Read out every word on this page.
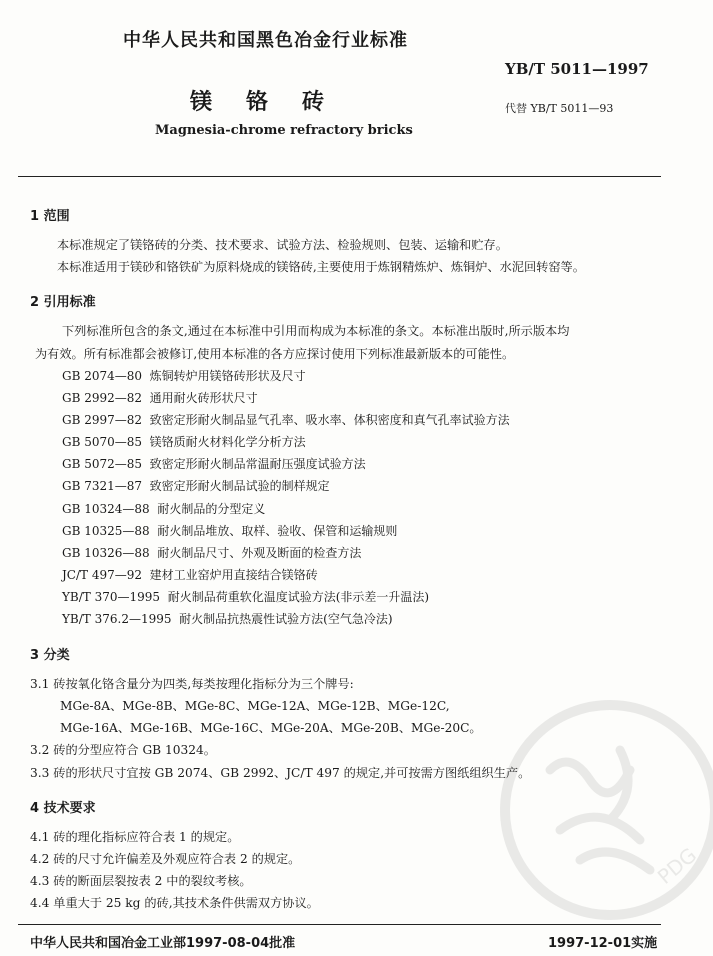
中华人民共和国黑色冶金行业标准
YB/T 5011—1997
镁铬砖	代替 YB/T 5011—93
Magnesia-chrome refractory bricks
1 范围
本标准规定了镁铬砖的分类、技术要求、试验方法、检验规则、包装、运输和贮存。
本标准适用于镁砂和铬铁矿为原料烧成的镁铬砖,主要使用于炼钢精炼炉、炼铜炉、水泥回转窑等。
2 引用标准
下列标准所包含的条文,通过在本标准中引用而构成为本标准的条文。本标准出版时,所示版本均
为有效。所有标准都会被修订,使用本标准的各方应探讨使用下列标准最新版本的可能性。
GB 2074—80 炼铜转炉用镁铬砖形状及尺寸
GB 2992—82 通用耐火砖形状尺寸
GB 2997—82 致密定形耐火制品显气孔率、吸水率、体积密度和真气孔率试验方法
GB 5070—85 镁铬质耐火材料化学分析方法
GB 5072—85 致密定形耐火制品常温耐压强度试验方法
GB 7321—87 致密定形耐火制品试验的制样规定
GB 10324—88 耐火制品的分型定义
GB 10325—88 耐火制品堆放、取样、验收、保管和运输规则
GB 10326—88 耐火制品尺寸、外观及断面的检查方法
JC/T 497—92 建材工业窑炉用直接结合镁铬砖
YB/T 370—1995 耐火制品荷重软化温度试验方法(非示差一升温法)
YB/T 376.2—1995 耐火制品抗热震性试验方法(空气急冷法)
3 分类
3.1 砖按氧化铬含量分为四类,每类按理化指标分为三个牌号:
MGe-8A、MGe-8B、MGe-8C、MGe-12A、MGe-12B、MGe-12C,
MGe-16A、MGe-16B、MGe-16C、MGe-20A、MGe-20B、MGe-20C。
3.2 砖的分型应符合 GB 10324。
3.3 砖的形状尺寸宜按 GB 2074、GB 2992、JC/T 497 的规定,并可按需方图纸组织生产。
4 技术要求
4.1 砖的理化指标应符合表 1 的规定。
4.2 砖的尺寸允许偏差及外观应符合表 2 的规定。
4.3 砖的断面层裂按表 2 中的裂纹考核。
4.4 单重大于 25 kg 的砖,其技术条件供需双方协议。
中华人民共和国冶金工业部1997-08-04批准	1997-12-01实施
PDG
